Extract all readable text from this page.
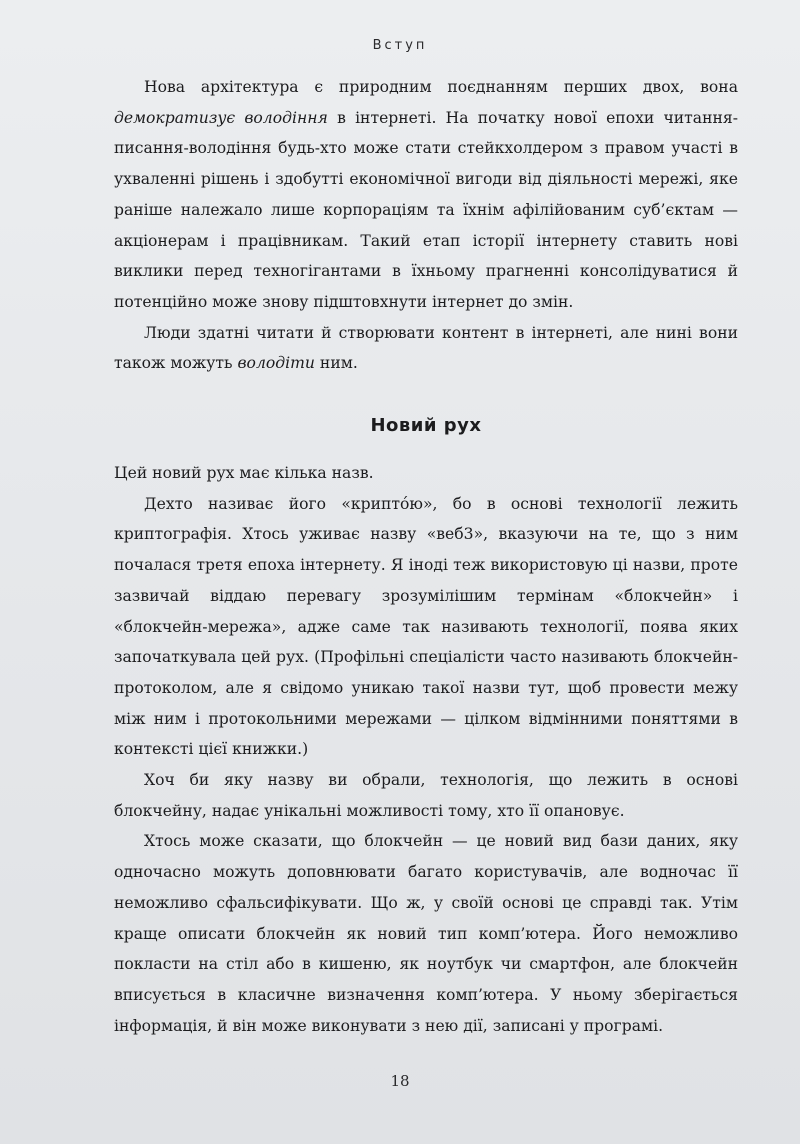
Вступ

Нова архітектура є природним поєднанням перших двох, вона демократизує володіння в інтернеті. На початку нової епохи читання-писання-володіння будь-хто може стати стейкхолдером з правом участі в ухваленні рішень і здобутті економічної вигоди від діяльності мережі, яке раніше належало лише корпораціям та їхнім афілійованим суб’єктам — акціонерам і працівникам. Такий етап історії інтернету ставить нові виклики перед техногігантами в їхньому прагненні консолідуватися й потенційно може знову підштовхнути інтернет до змін.

Люди здатні читати й створювати контент в інтернеті, але нині вони також можуть володіти ним.

Новий рух

Цей новий рух має кілька назв.

Дехто називає його «криптóю», бо в основі технології лежить криптографія. Хтось уживає назву «веб3», вказуючи на те, що з ним почалася третя епоха інтернету. Я іноді теж використовую ці назви, проте зазвичай віддаю перевагу зрозумілішим термінам «блокчейн» і «блокчейн-мережа», адже саме так називають технології, поява яких започаткувала цей рух. (Профільні спеціалісти часто називають блокчейн-протоколом, але я свідомо уникаю такої назви тут, щоб провести межу між ним і протокольними мережами — цілком відмінними поняттями в контексті цієї книжки.)

Хоч би яку назву ви обрали, технологія, що лежить в основі блокчейну, надає унікальні можливості тому, хто її опановує.

Хтось може сказати, що блокчейн — це новий вид бази даних, яку одночасно можуть доповнювати багато користувачів, але водночас її неможливо сфальсифікувати. Що ж, у своїй основі це справді так. Утім краще описати блокчейн як новий тип комп’ютера. Його неможливо покласти на стіл або в кишеню, як ноутбук чи смартфон, але блокчейн вписується в класичне визначення комп’ютера. У ньому зберігається інформація, й він може виконувати з нею дії, записані у програмі.

18
